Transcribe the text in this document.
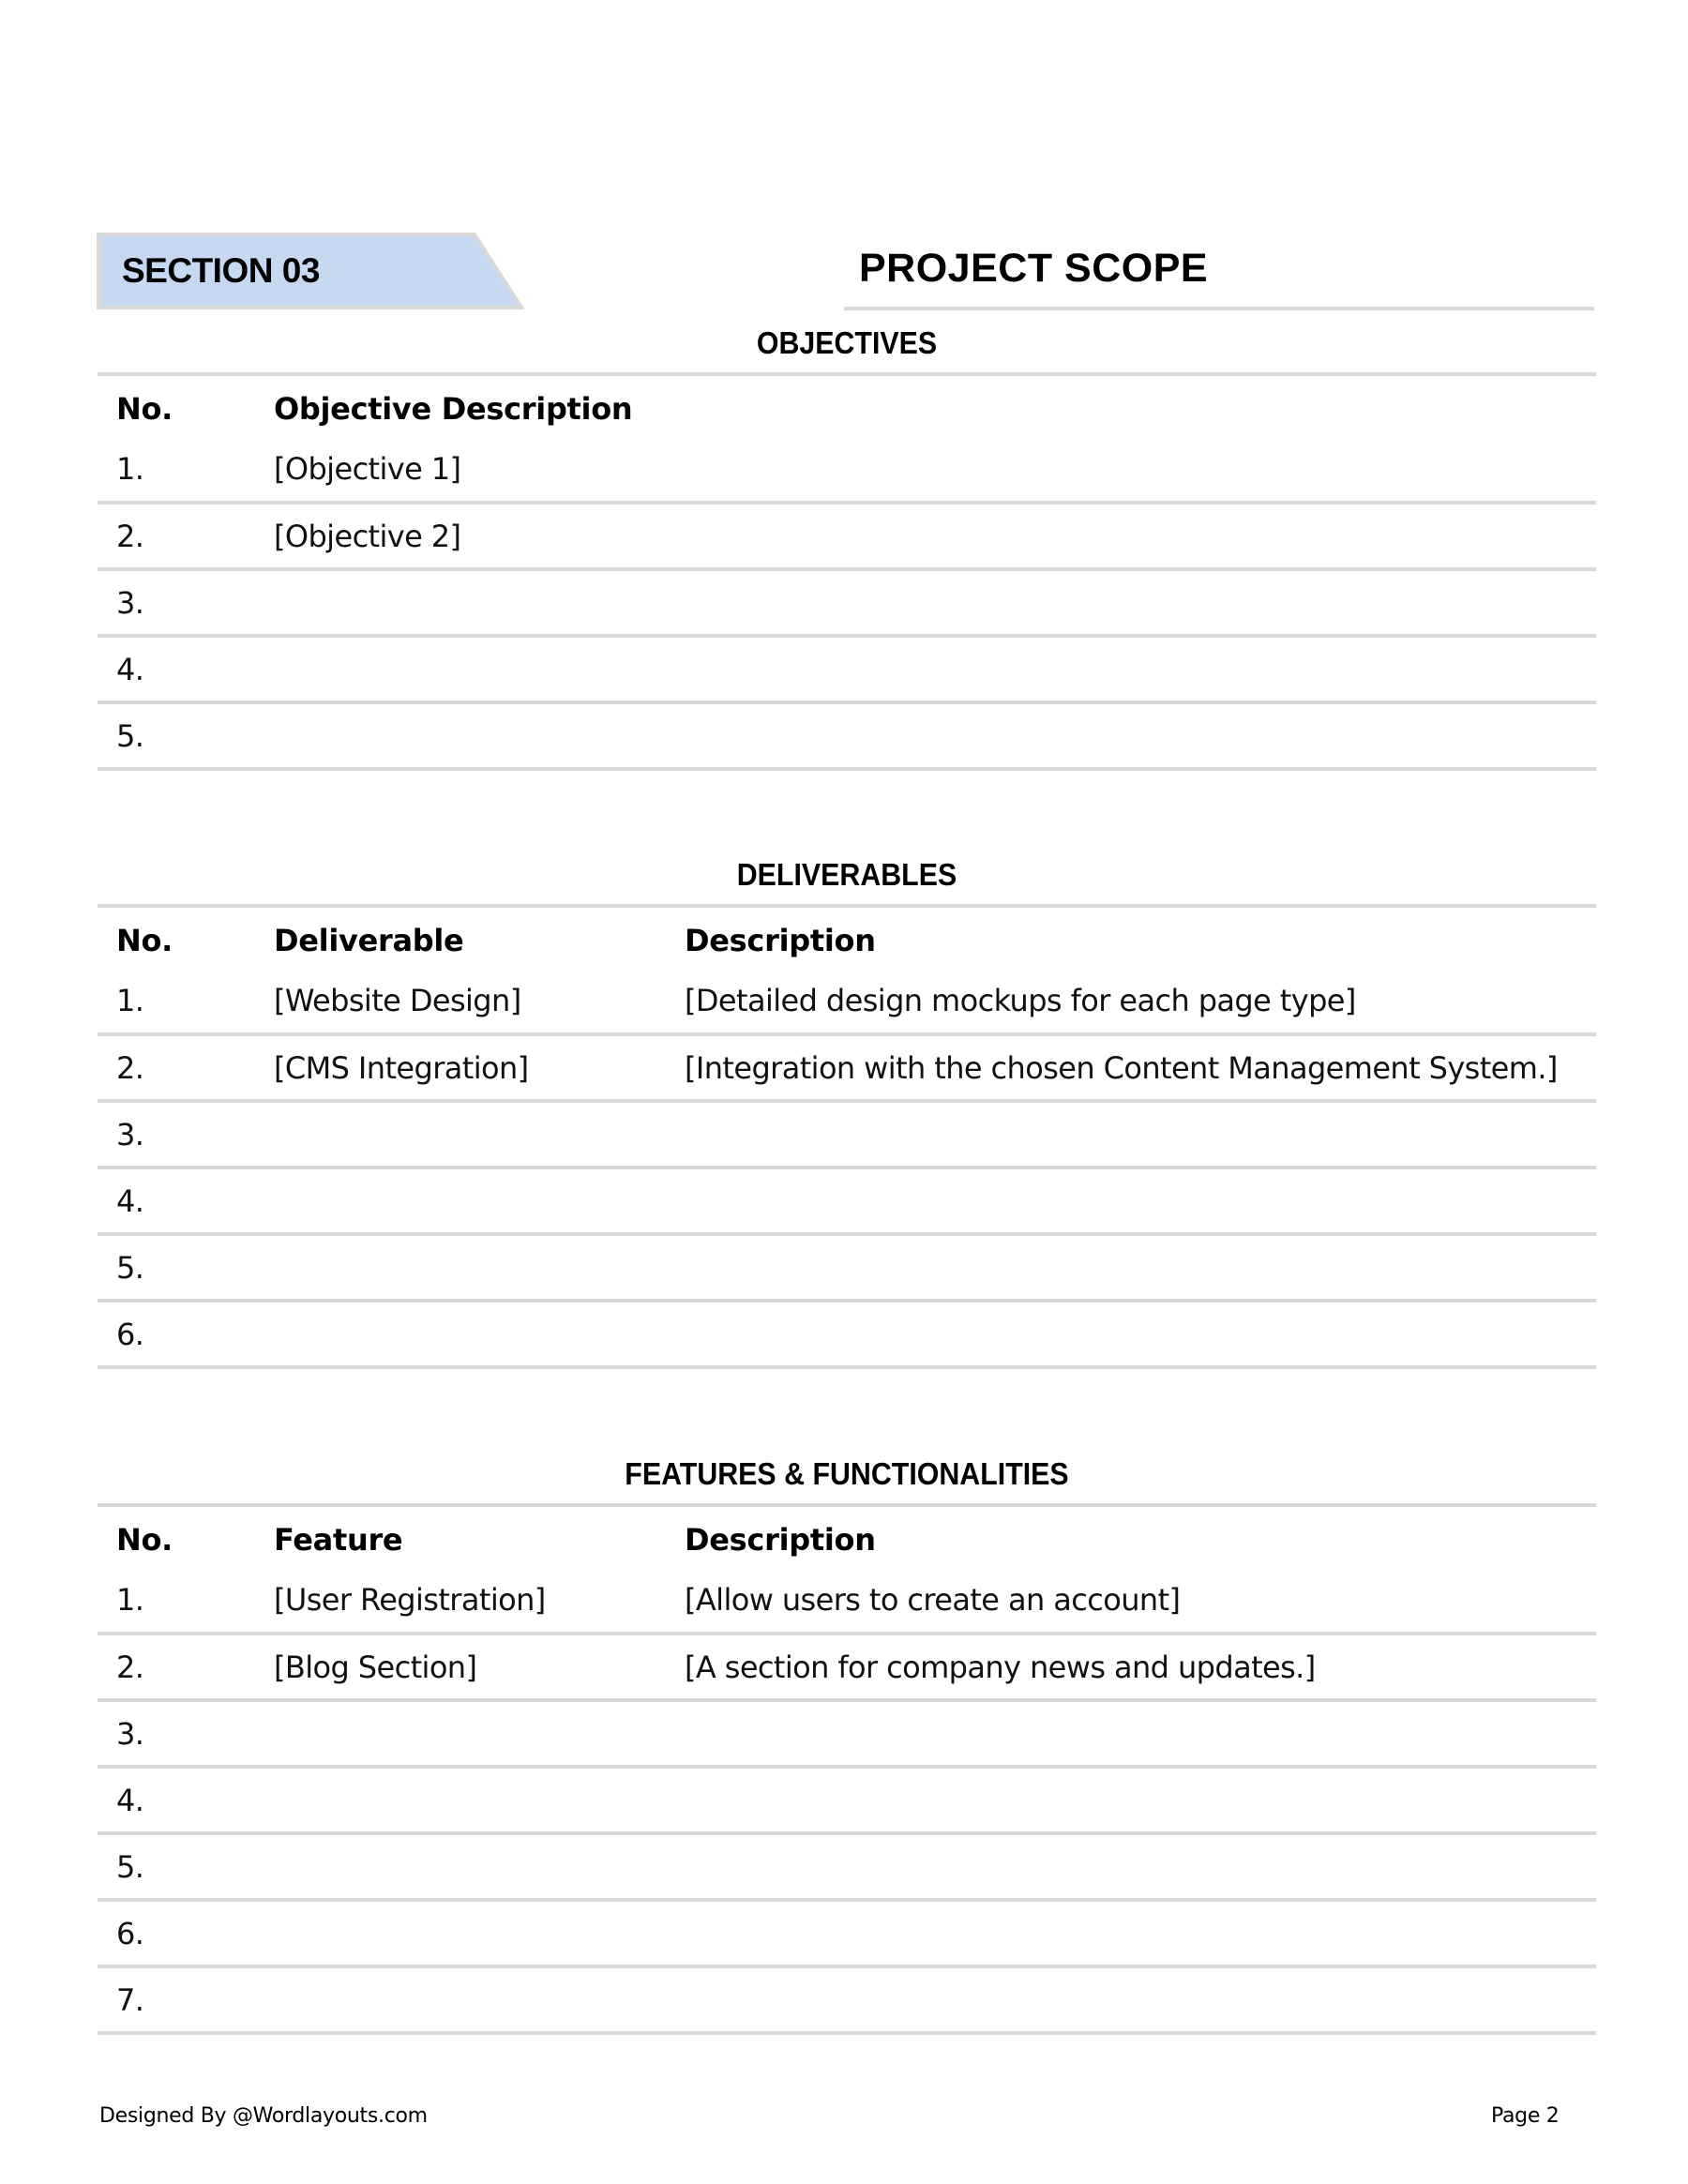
SECTION 03	PROJECT SCOPE
OBJECTIVES
No.	Objective Description
1.	[Objective 1]
2.	[Objective 2]
3.	
4.	
5.	
DELIVERABLES
No.	Deliverable	Description
1.	[Website Design]	[Detailed design mockups for each page type]
2.	[CMS Integration]	[Integration with the chosen Content Management System.]
3.		
4.		
5.		
6.		
FEATURES & FUNCTIONALITIES
No.	Feature	Description
1.	[User Registration]	[Allow users to create an account]
2.	[Blog Section]	[A section for company news and updates.]
3.		
4.		
5.		
6.		
7.		
Designed By @Wordlayouts.com	Page 2
